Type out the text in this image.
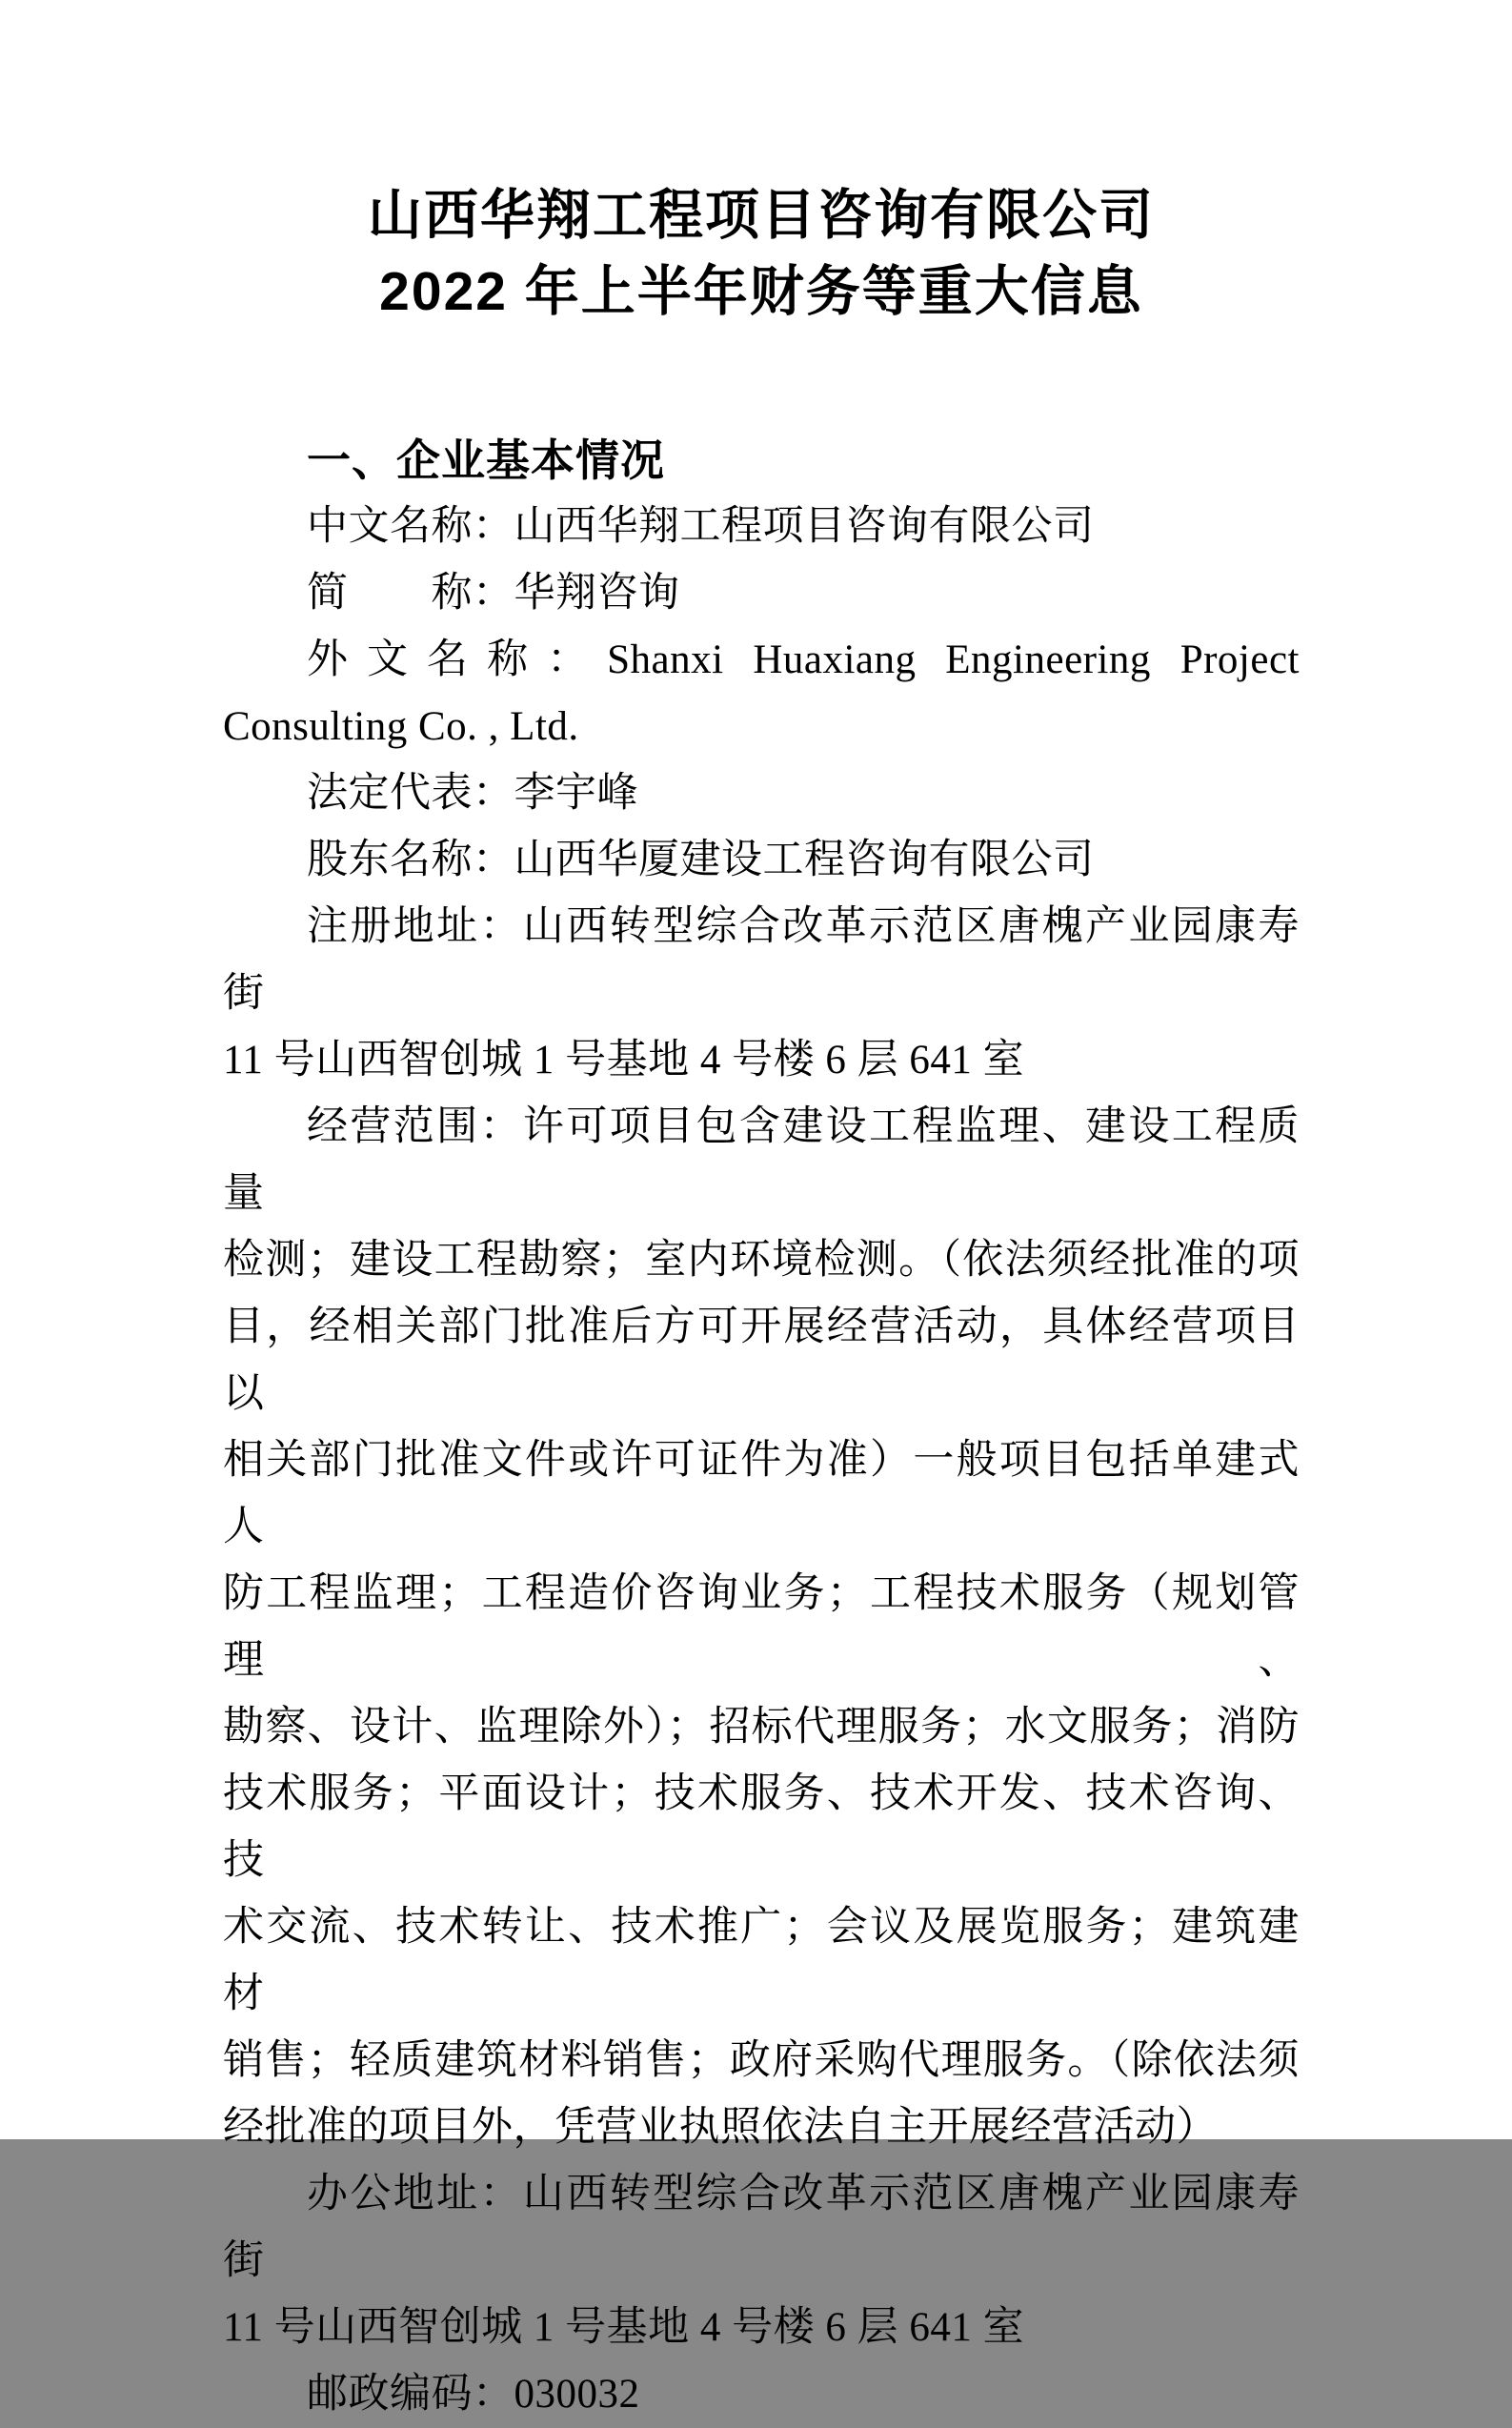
山西华翔工程项目咨询有限公司
2022 年上半年财务等重大信息
一、企业基本情况
中文名称：山西华翔工程项目咨询有限公司
简　　称：华翔咨询
外文名称：Shanxi Huaxiang Engineering Project
Consulting Co. , Ltd.
法定代表：李宇峰
股东名称：山西华厦建设工程咨询有限公司
注册地址：山西转型综合改革示范区唐槐产业园康寿街
11 号山西智创城 1 号基地 4 号楼 6 层 641 室
经营范围：许可项目包含建设工程监理、建设工程质量
检测；建设工程勘察；室内环境检测。（依法须经批准的项
目，经相关部门批准后方可开展经营活动，具体经营项目以
相关部门批准文件或许可证件为准）一般项目包括单建式人
防工程监理；工程造价咨询业务；工程技术服务（规划管理、
勘察、设计、监理除外）；招标代理服务；水文服务；消防
技术服务；平面设计；技术服务、技术开发、技术咨询、技
术交流、技术转让、技术推广；会议及展览服务；建筑建材
销售；轻质建筑材料销售；政府采购代理服务。（除依法须
经批准的项目外，凭营业执照依法自主开展经营活动）
办公地址：山西转型综合改革示范区唐槐产业园康寿街
11 号山西智创城 1 号基地 4 号楼 6 层 641 室
邮政编码：030032
